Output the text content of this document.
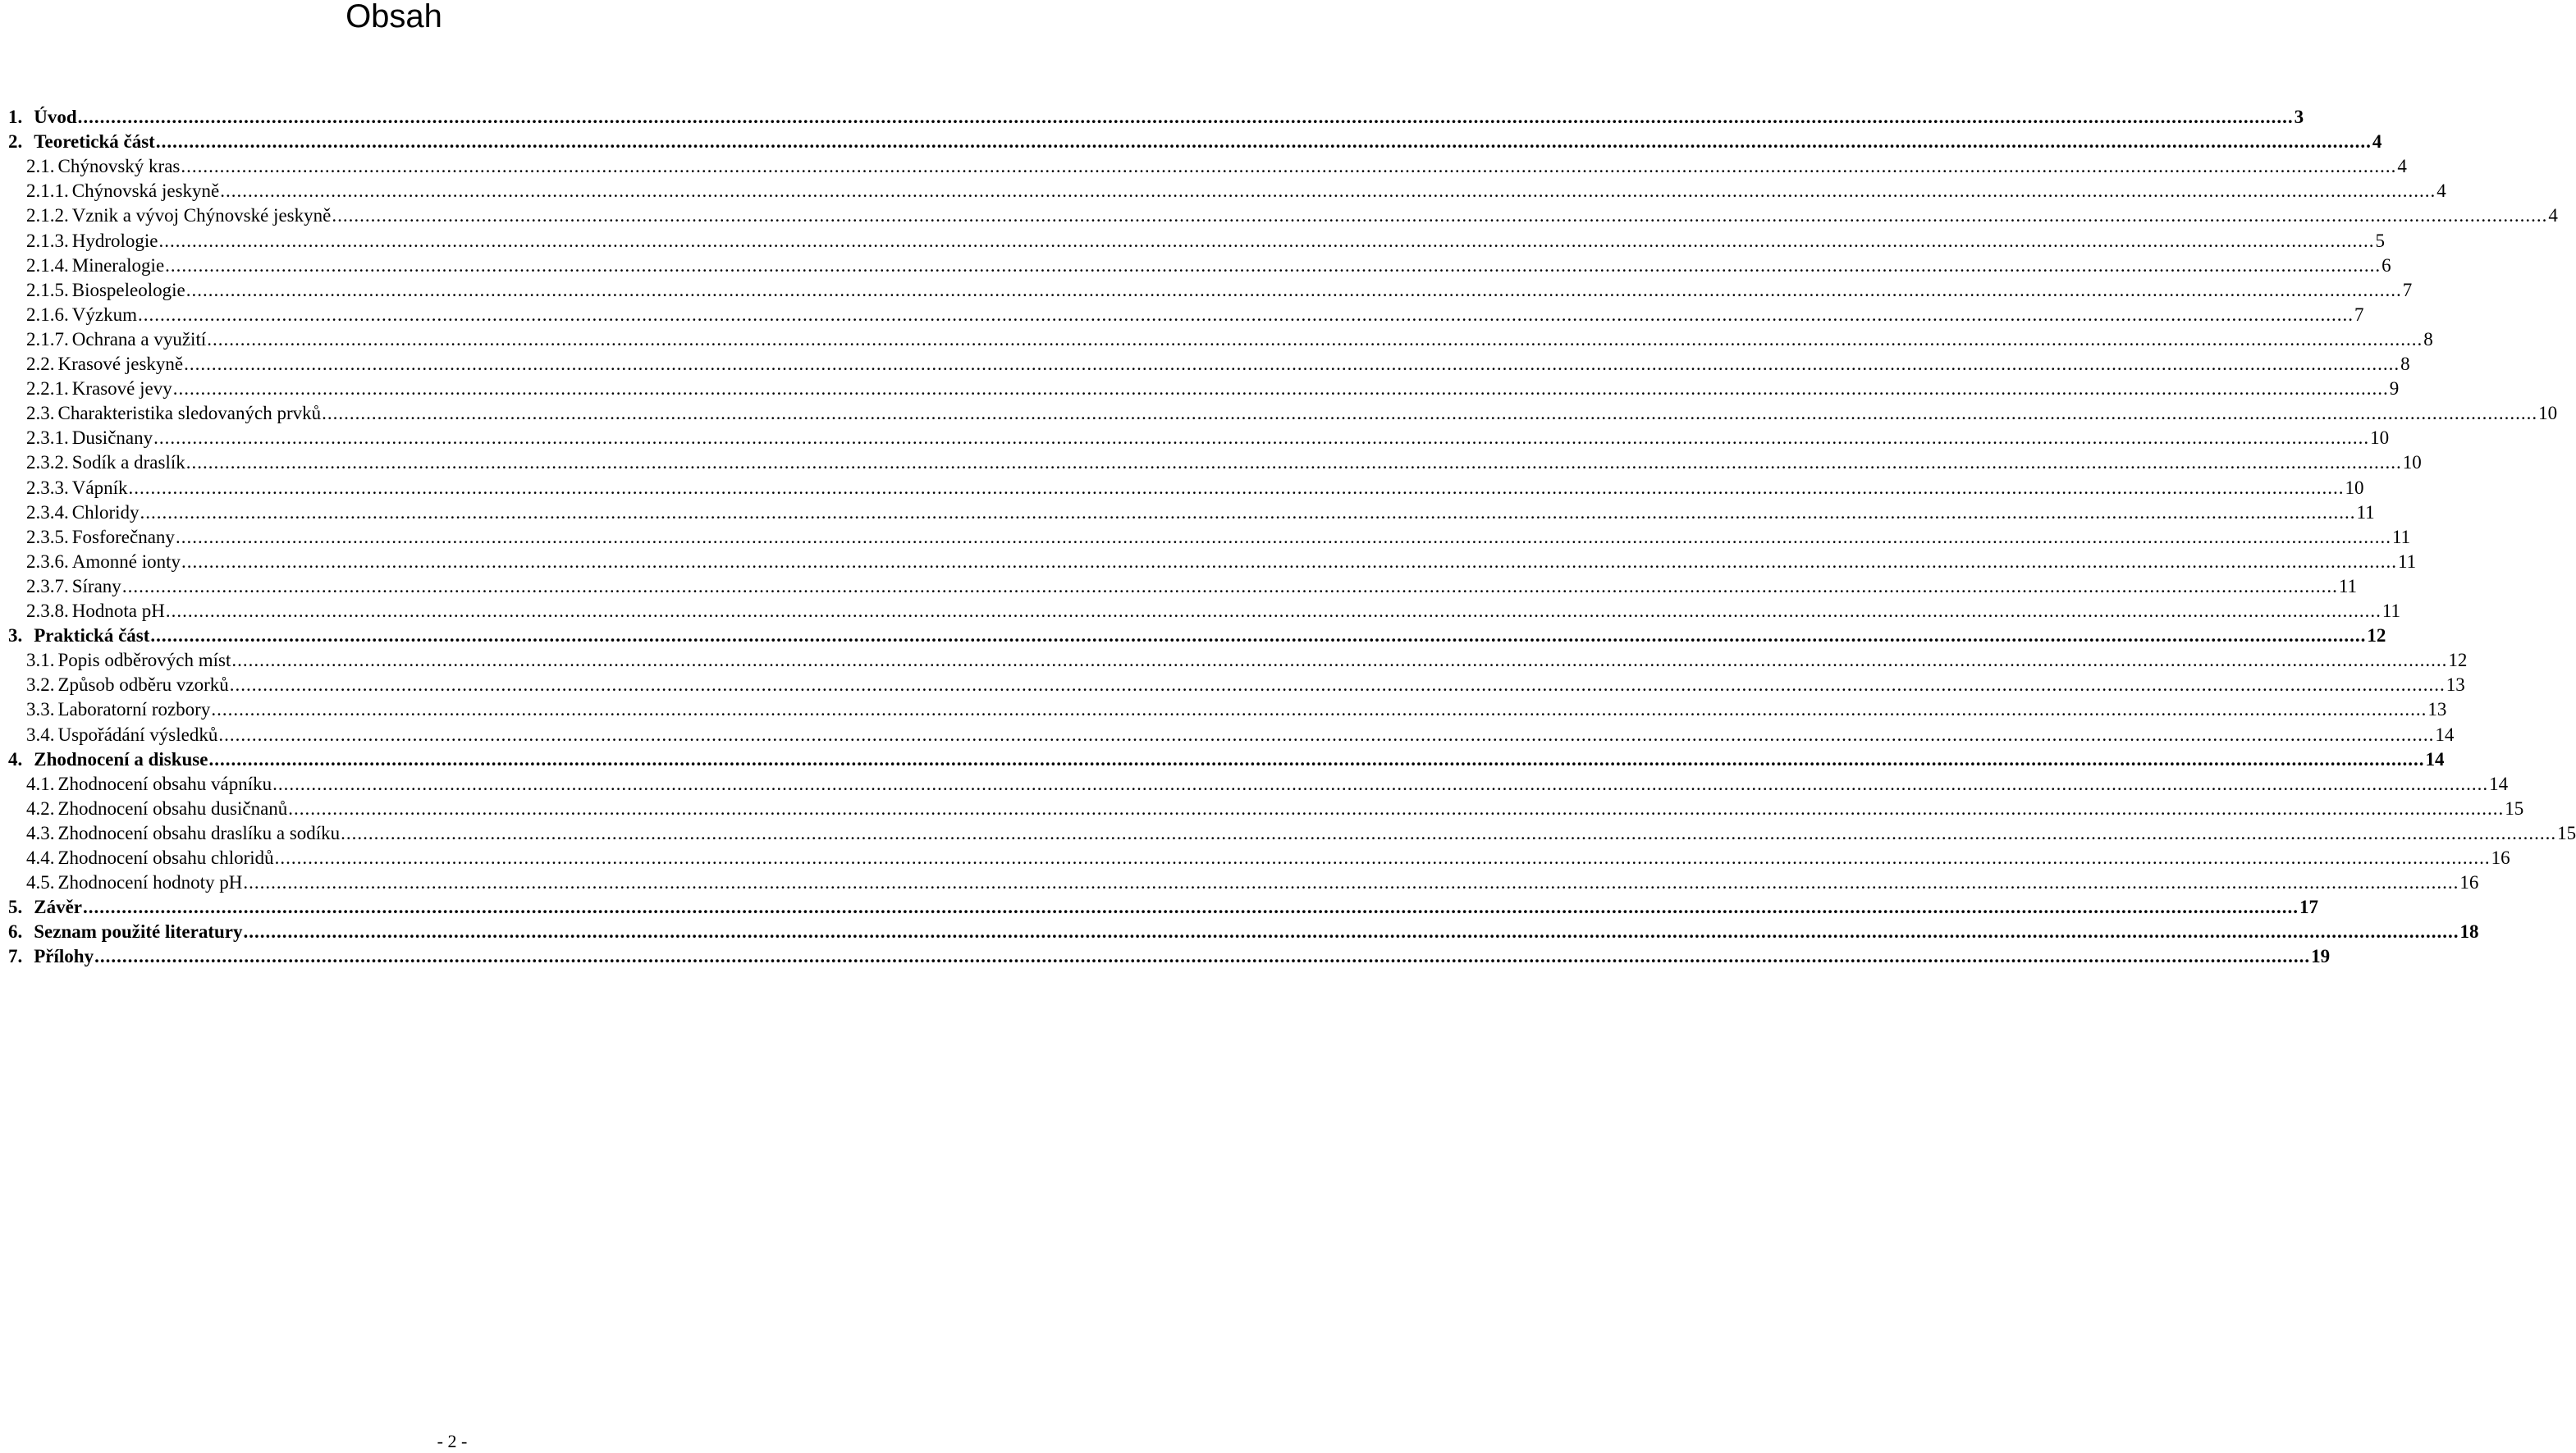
Obsah
1. Úvod ................................................................................................................................................................................................................................................................................................................................................................................................................ 3
2. Teoretická část ................................................................................................................................................................................................................................................................................................................................................................................................................ 4
2.1. Chýnovský kras ................................................................................................................................................................................................................................................................................................................................................................................................................ 4
2.1.1. Chýnovská jeskyně ................................................................................................................................................................................................................................................................................................................................................................................................................ 4
2.1.2. Vznik a vývoj Chýnovské jeskyně ................................................................................................................................................................................................................................................................................................................................................................................................................ 4
2.1.3. Hydrologie ................................................................................................................................................................................................................................................................................................................................................................................................................ 5
2.1.4. Mineralogie ................................................................................................................................................................................................................................................................................................................................................................................................................ 6
2.1.5. Biospeleologie ................................................................................................................................................................................................................................................................................................................................................................................................................ 7
2.1.6. Výzkum ................................................................................................................................................................................................................................................................................................................................................................................................................ 7
2.1.7. Ochrana a využití ................................................................................................................................................................................................................................................................................................................................................................................................................ 8
2.2. Krasové jeskyně ................................................................................................................................................................................................................................................................................................................................................................................................................ 8
2.2.1. Krasové jevy ................................................................................................................................................................................................................................................................................................................................................................................................................ 9
2.3. Charakteristika sledovaných prvků ................................................................................................................................................................................................................................................................................................................................................................................................................ 10
2.3.1. Dusičnany ................................................................................................................................................................................................................................................................................................................................................................................................................ 10
2.3.2. Sodík a draslík ................................................................................................................................................................................................................................................................................................................................................................................................................ 10
2.3.3. Vápník ................................................................................................................................................................................................................................................................................................................................................................................................................ 10
2.3.4. Chloridy ................................................................................................................................................................................................................................................................................................................................................................................................................ 11
2.3.5. Fosforečnany ................................................................................................................................................................................................................................................................................................................................................................................................................ 11
2.3.6. Amonné ionty ................................................................................................................................................................................................................................................................................................................................................................................................................ 11
2.3.7. Sírany ................................................................................................................................................................................................................................................................................................................................................................................................................ 11
2.3.8. Hodnota pH ................................................................................................................................................................................................................................................................................................................................................................................................................ 11
3. Praktická část ................................................................................................................................................................................................................................................................................................................................................................................................................ 12
3.1. Popis odběrových míst ................................................................................................................................................................................................................................................................................................................................................................................................................ 12
3.2. Způsob odběru vzorků ................................................................................................................................................................................................................................................................................................................................................................................................................ 13
3.3. Laboratorní rozbory ................................................................................................................................................................................................................................................................................................................................................................................................................ 13
3.4. Uspořádání výsledků ................................................................................................................................................................................................................................................................................................................................................................................................................ 14
4. Zhodnocení a diskuse ................................................................................................................................................................................................................................................................................................................................................................................................................ 14
4.1. Zhodnocení obsahu vápníku ................................................................................................................................................................................................................................................................................................................................................................................................................ 14
4.2. Zhodnocení obsahu dusičnanů ................................................................................................................................................................................................................................................................................................................................................................................................................ 15
4.3. Zhodnocení obsahu draslíku a sodíku ................................................................................................................................................................................................................................................................................................................................................................................................................ 15
4.4. Zhodnocení obsahu chloridů ................................................................................................................................................................................................................................................................................................................................................................................................................ 16
4.5. Zhodnocení hodnoty pH ................................................................................................................................................................................................................................................................................................................................................................................................................ 16
5. Závěr ................................................................................................................................................................................................................................................................................................................................................................................................................ 17
6. Seznam použité literatury ................................................................................................................................................................................................................................................................................................................................................................................................................ 18
7. Přílohy ................................................................................................................................................................................................................................................................................................................................................................................................................ 19
- 2 -
